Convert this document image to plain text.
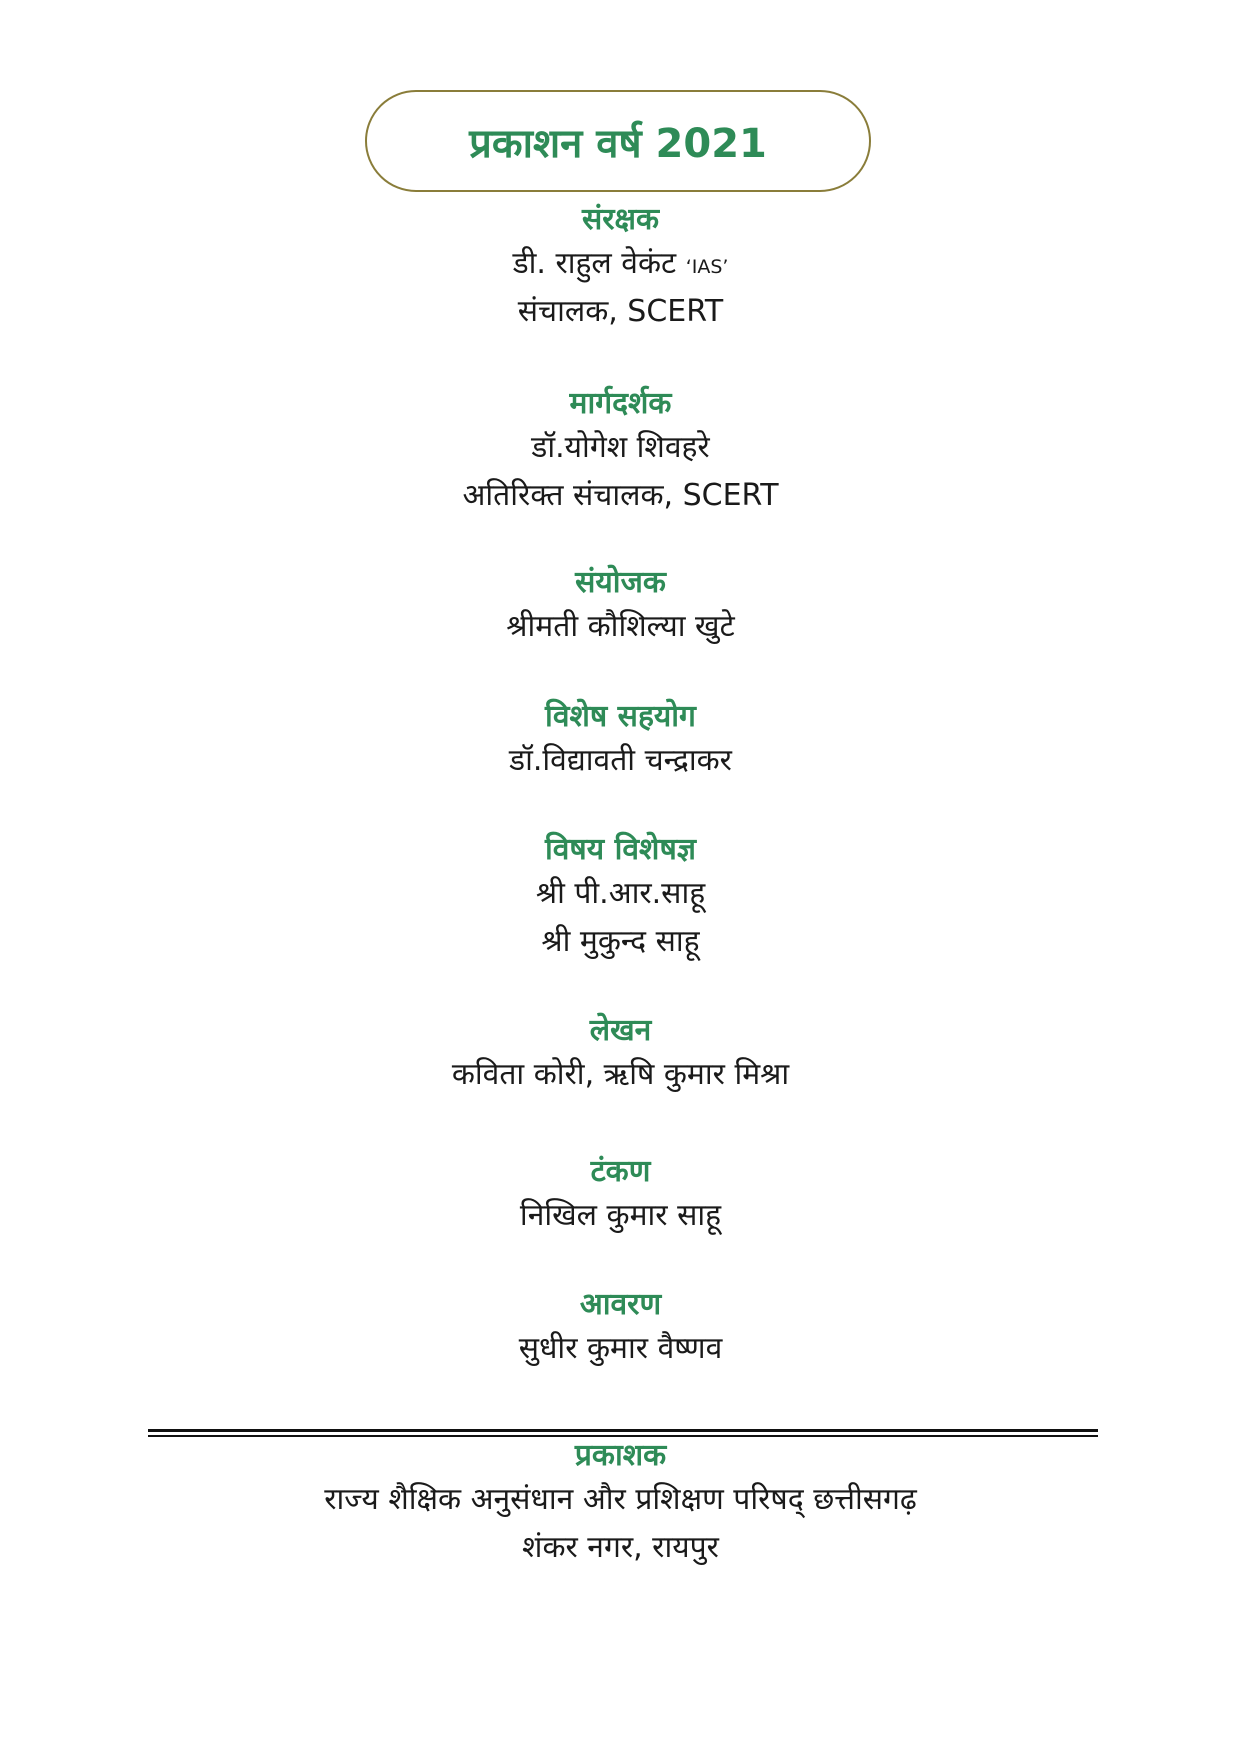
प्रकाशन वर्ष 2021
संरक्षक
डी. राहुल वेकंट ‘IAS’
संचालक, SCERT
मार्गदर्शक
डॉ.योगेश शिवहरे
अतिरिक्त संचालक, SCERT
संयोजक
श्रीमती कौशिल्या खुटे
विशेष सहयोग
डॉ.विद्यावती चन्द्राकर
विषय विशेषज्ञ
श्री पी.आर.साहू
श्री मुकुन्द साहू
लेखन
कविता कोरी, ऋषि कुमार मिश्रा
टंकण
निखिल कुमार साहू
आवरण
सुधीर कुमार वैष्णव
प्रकाशक
राज्य शैक्षिक अनुसंधान और प्रशिक्षण परिषद् छत्तीसगढ़
शंकर नगर, रायपुर
